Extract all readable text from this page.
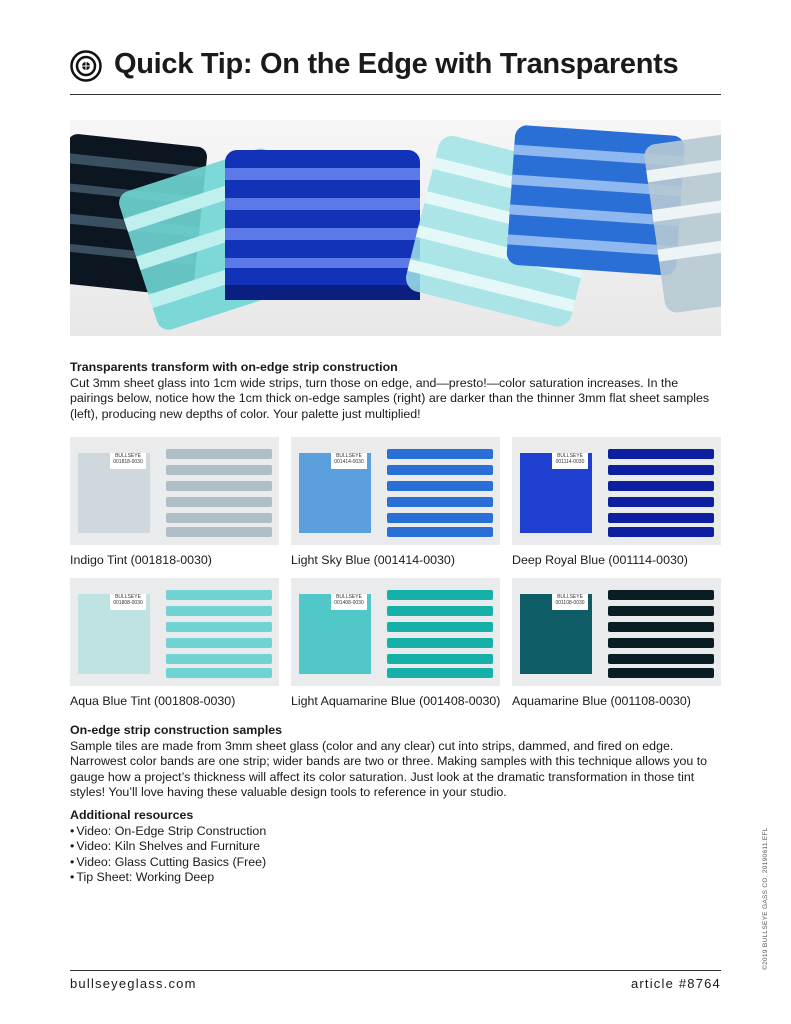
Quick Tip: On the Edge with Transparents
Transparents transform with on-edge strip construction

Cut 3mm sheet glass into 1cm wide strips, turn those on edge, and—presto!—color saturation increases. In the pairings below, notice how the 1cm thick on-edge samples (right) are darker than the thinner 3mm flat sheet samples (left), producing new depths of color. Your palette just multiplied!

BULLSEYE
001818-0030
Indigo Tint (001818-0030)
BULLSEYE
001414-0030
Light Sky Blue (001414-0030)
BULLSEYE
001114-0030
Deep Royal Blue (001114-0030)
BULLSEYE
001808-0030
Aqua Blue Tint (001808-0030)
BULLSEYE
001408-0030
Light Aquamarine Blue (001408-0030)
BULLSEYE
001108-0030
Aquamarine Blue (001108-0030)
On-edge strip construction samples

Sample tiles are made from 3mm sheet glass (color and any clear) cut into strips, dammed, and fired on edge. Narrowest color bands are one strip; wider bands are two or three. Making samples with this technique allows you to gauge how a project’s thickness will affect its color saturation. Just look at the dramatic transformation in those tint styles! You’ll love having these valuable design tools to reference in your studio.

Additional resources
• Video: On-Edge Strip Construction
• Video: Kiln Shelves and Furniture
• Video: Glass Cutting Basics (Free)
• Tip Sheet: Working Deep	©2019 BULLSEYE GASS CO. 20190611.EFL
bullseyeglass.com	article #8764
